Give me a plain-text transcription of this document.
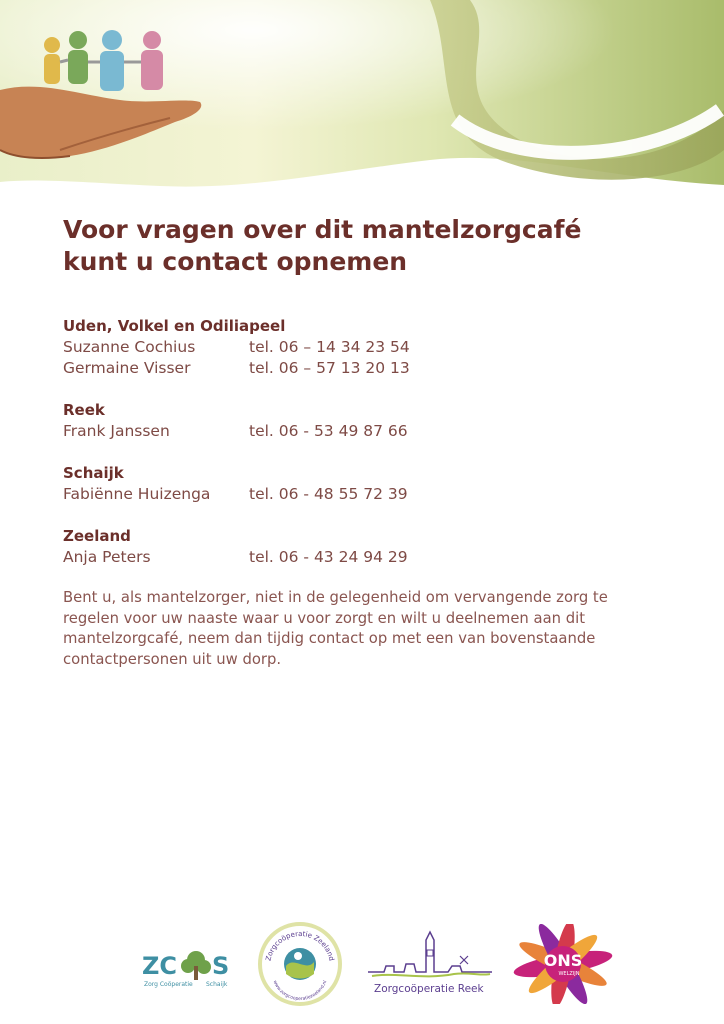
Voor vragen over dit mantelzorgcafé
kunt u contact opnemen

Uden, Volkel en Odiliapeel

Suzanne Cochius	tel. 06 – 14 34 23 54
Germaine Visser	tel. 06 – 57 13 20 13

Reek

Frank Janssen	tel. 06 - 53 49 87 66

Schaijk

Fabiënne Huizenga	tel. 06 - 48 55 72 39

Zeeland

Anja Peters	tel. 06 - 43 24 94 29

Bent u, als mantelzorger, niet in de gelegenheid om vervangende zorg te regelen voor uw naaste waar u voor zorgt en wilt u deelnemen aan dit mantelzorgcafé, neem dan tijdig contact op met een van bovenstaande contactpersonen uit uw dorp.

ZC S
Zorg Coöperatie Schaijk
Zorgcoöperatie Zeeland
www.zorgcooperatiezeeland.nl
Zorgcoöperatie Reek
ONS
WELZIJN
